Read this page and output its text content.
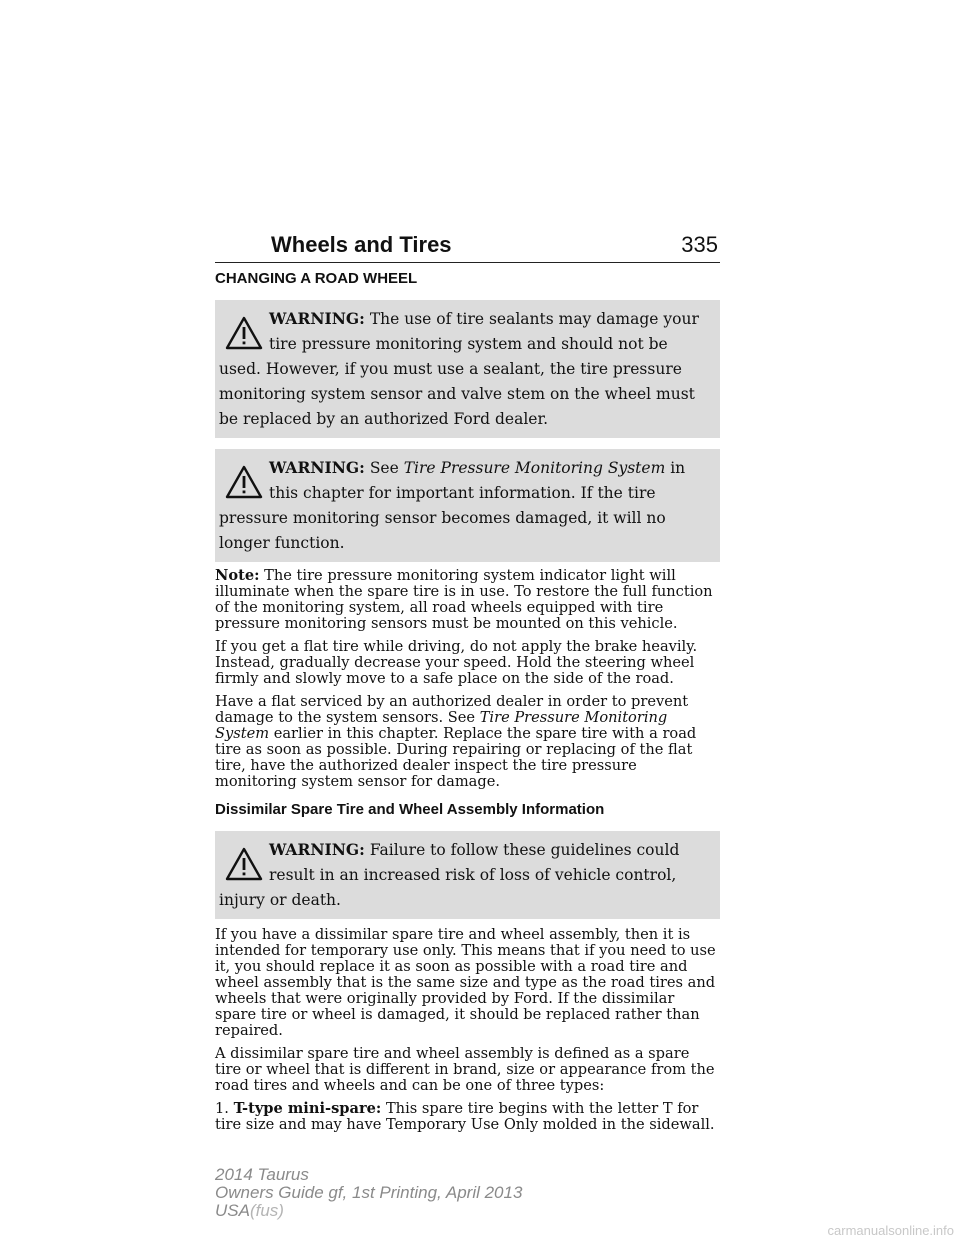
Wheels and Tires	335

CHANGING A ROAD WHEEL

WARNING: The use of tire sealants may damage your tire pressure monitoring system and should not be used. However, if you must use a sealant, the tire pressure monitoring system sensor and valve stem on the wheel must be replaced by an authorized Ford dealer.
WARNING: See Tire Pressure Monitoring System in this chapter for important information. If the tire pressure monitoring sensor becomes damaged, it will no longer function.

Note: The tire pressure monitoring system indicator light will illuminate when the spare tire is in use. To restore the full function of the monitoring system, all road wheels equipped with tire pressure monitoring sensors must be mounted on this vehicle.

If you get a flat tire while driving, do not apply the brake heavily. Instead, gradually decrease your speed. Hold the steering wheel firmly and slowly move to a safe place on the side of the road.

Have a flat serviced by an authorized dealer in order to prevent damage to the system sensors. See Tire Pressure Monitoring System earlier in this chapter. Replace the spare tire with a road tire as soon as possible. During repairing or replacing of the flat tire, have the authorized dealer inspect the tire pressure monitoring system sensor for damage.

Dissimilar Spare Tire and Wheel Assembly Information

WARNING: Failure to follow these guidelines could result in an increased risk of loss of vehicle control, injury or death.

If you have a dissimilar spare tire and wheel assembly, then it is intended for temporary use only. This means that if you need to use it, you should replace it as soon as possible with a road tire and wheel assembly that is the same size and type as the road tires and wheels that were originally provided by Ford. If the dissimilar spare tire or wheel is damaged, it should be replaced rather than repaired.

A dissimilar spare tire and wheel assembly is defined as a spare tire or wheel that is different in brand, size or appearance from the road tires and wheels and can be one of three types:

1. T-type mini-spare: This spare tire begins with the letter T for tire size and may have Temporary Use Only molded in the sidewall.

2014 Taurus
Owners Guide gf, 1st Printing, April 2013
USA(fus)
carmanualsonline.info
